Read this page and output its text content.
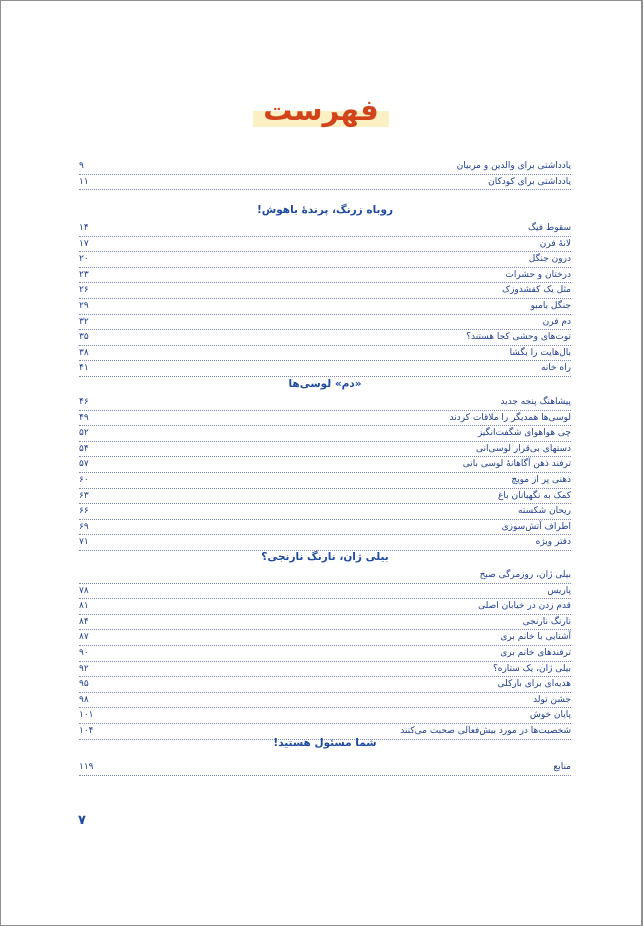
فهرست
یادداشتی برای والدین و مربیان
۹
یادداشتی برای کودکان
۱۱
روباه زرنگ، پرندهٔ باهوش!
سقوط فیگ
۱۴
لانهٔ فرن
۱۷
درون جنگل
۲۰
درختان و حشرات
۲۳
مثل یک کفشدوزک
۲۶
جنگل بامبو
۲۹
دم فرن
۳۲
توت‌های وحشی کجا هستند؟
۳۵
بال‌هایت را بگشا
۳۸
راه خانه
۴۱
«دم» لوسی‌ها
پیشاهنگ پنجه جدید
۴۶
لوسی‌ها همدیگر را ملاقات کردند
۴۹
چی هوا‌هوای شگفت‌انگیز
۵۲
دستهای بی‌قرار لوسی‌انی
۵۴
ترفند ذهن آگاهانهٔ لوسی بانی
۵۷
ذهنی پر از مویچ
۶۰
کمک به نگهبانان باغ
۶۳
ریحان شکسته
۶۶
اطراف آتش‌سوزی
۶۹
دفتر ویژه
۷۱
بیلی ژان، نارنگ نارنجی؟
بیلی ژان، روزمرگی صبح
پاریس
۷۸
قدم زدن در خیابان اصلی
۸۱
نارنگ نارنجی
۸۴
آشنایی با خانم بری
۸۷
ترفندهای خانم بری
۹۰
بیلی ژان، یک ستاره؟
۹۲
هدیه‌ای برای بارکلی
۹۵
جشن تولد
۹۸
پایان خوش
۱۰۱
شخصیت‌ها در مورد بیش‌فعالی صحبت می‌کنند
۱۰۴
شما مسئول هستید!
منابع
۱۱۹
۷
